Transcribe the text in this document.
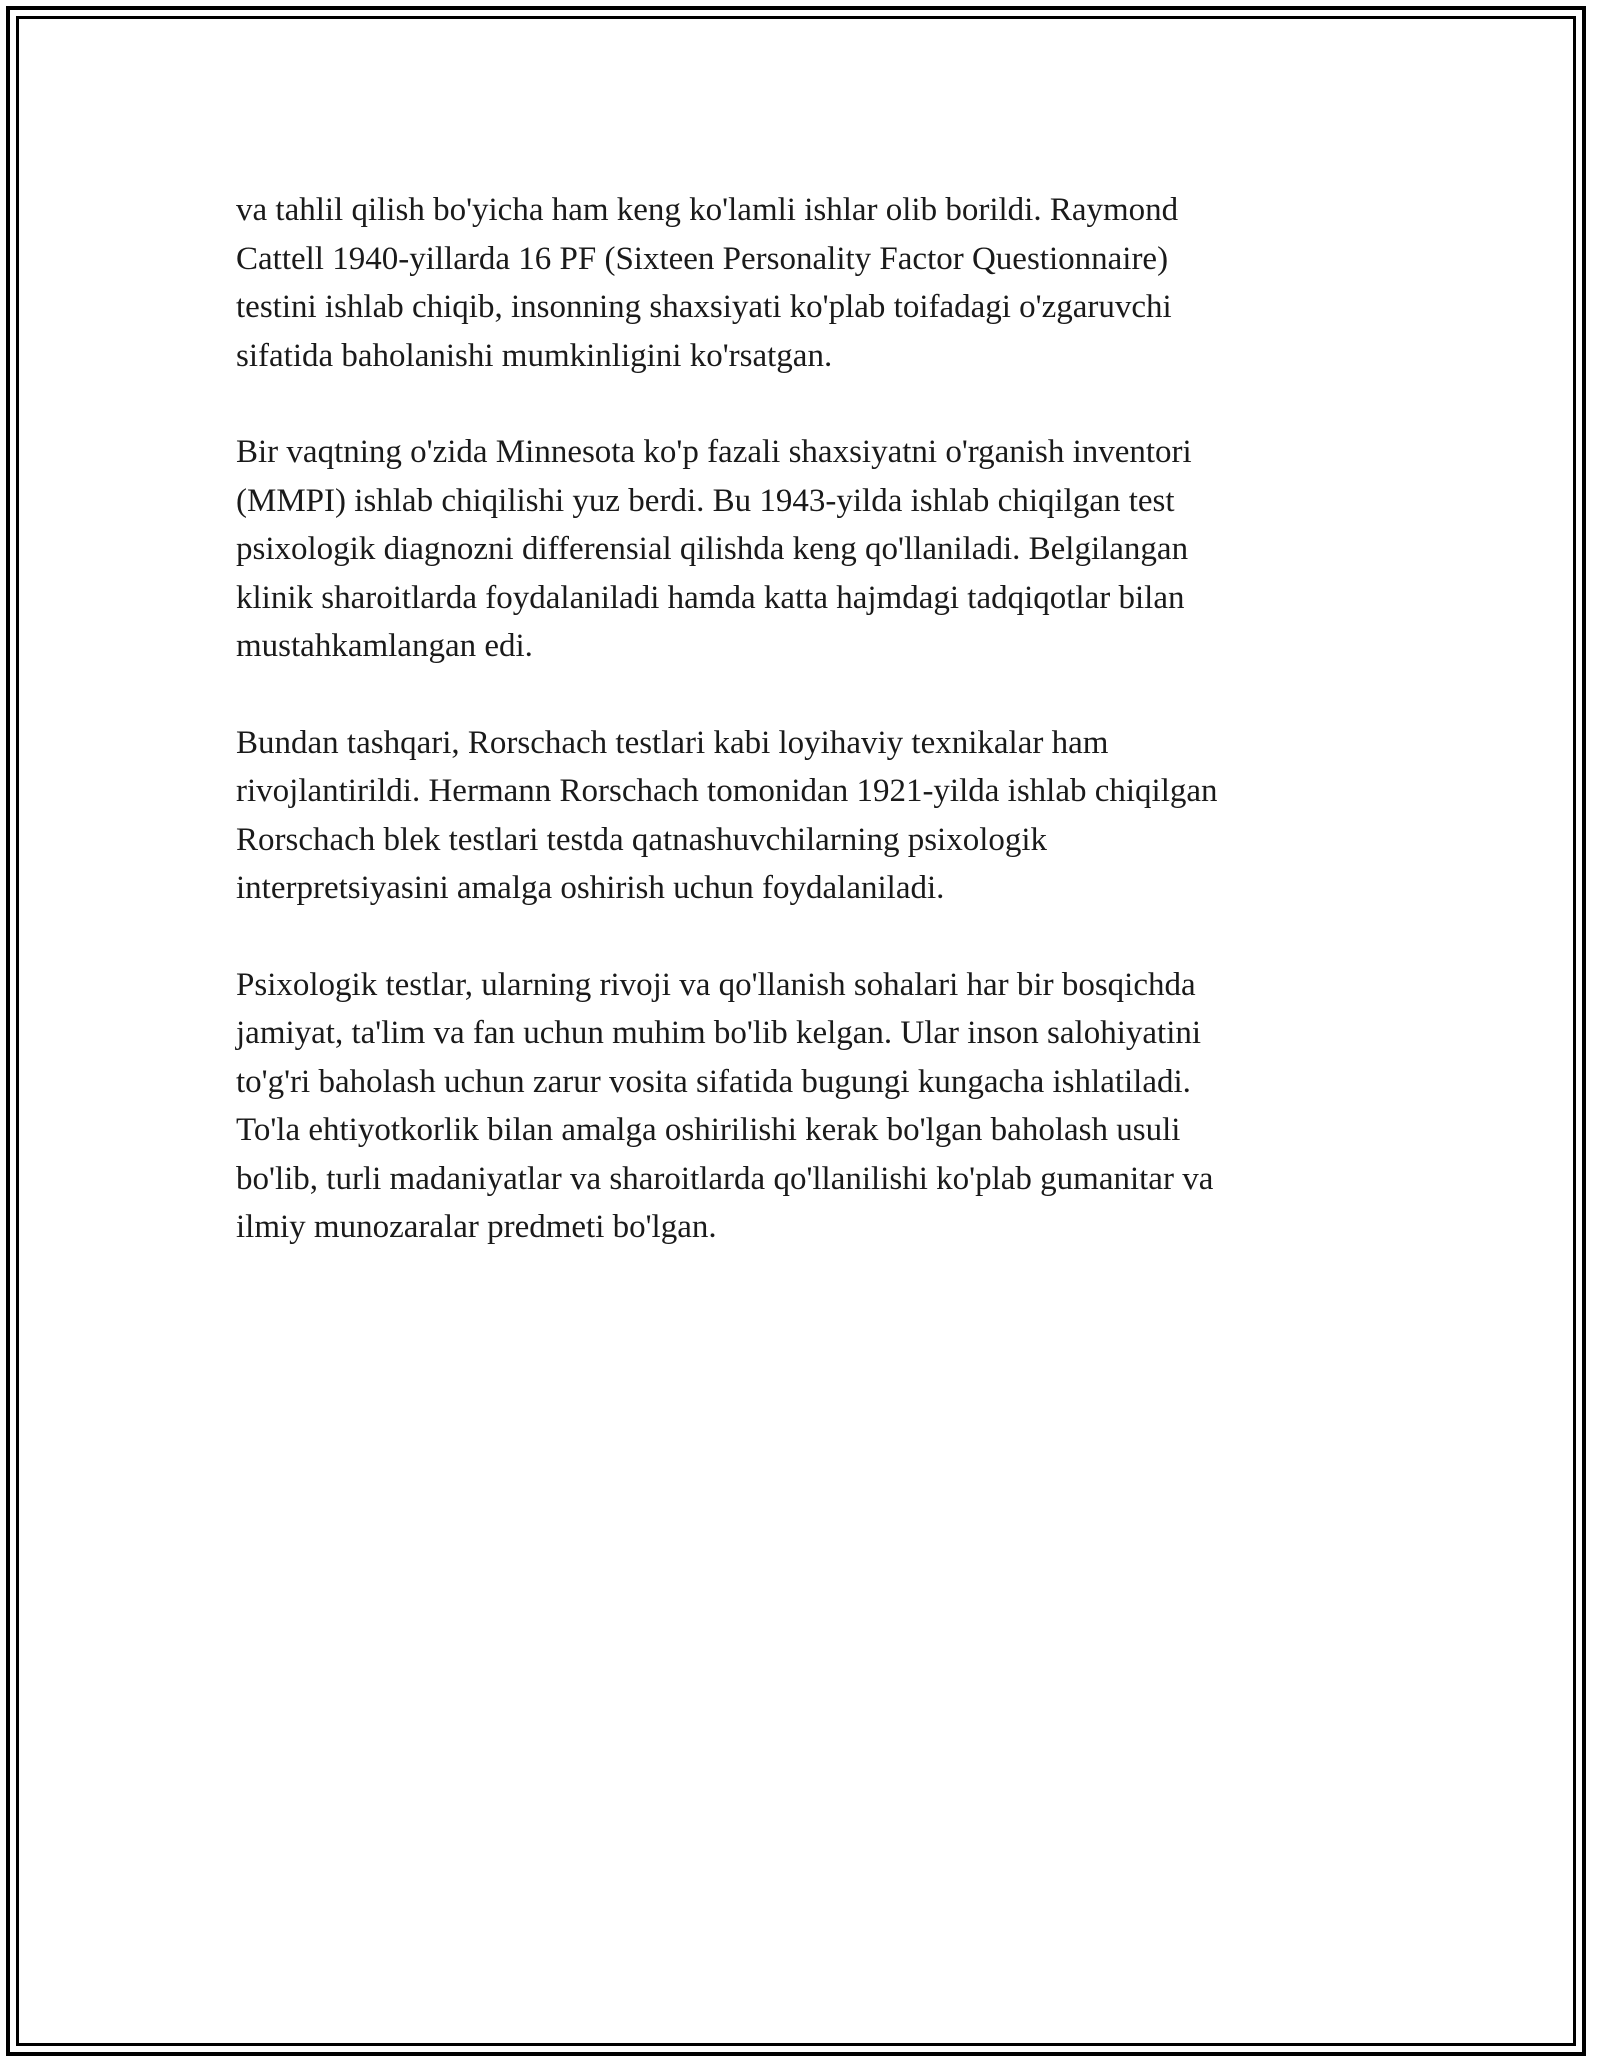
va tahlil qilish bo'yicha ham keng ko'lamli ishlar olib borildi. Raymond
Cattell 1940-yillarda 16 PF (Sixteen Personality Factor Questionnaire)
testini ishlab chiqib, insonning shaxsiyati ko'plab toifadagi o'zgaruvchi
sifatida baholanishi mumkinligini ko'rsatgan.

Bir vaqtning o'zida Minnesota ko'p fazali shaxsiyatni o'rganish inventori
(MMPI) ishlab chiqilishi yuz berdi. Bu 1943-yilda ishlab chiqilgan test
psixologik diagnozni differensial qilishda keng qo'llaniladi. Belgilangan
klinik sharoitlarda foydalaniladi hamda katta hajmdagi tadqiqotlar bilan
mustahkamlangan edi.

Bundan tashqari, Rorschach testlari kabi loyihaviy texnikalar ham
rivojlantirildi. Hermann Rorschach tomonidan 1921-yilda ishlab chiqilgan
Rorschach blek testlari testda qatnashuvchilarning psixologik
interpretsiyasini amalga oshirish uchun foydalaniladi.

Psixologik testlar, ularning rivoji va qo'llanish sohalari har bir bosqichda
jamiyat, ta'lim va fan uchun muhim bo'lib kelgan. Ular inson salohiyatini
to'g'ri baholash uchun zarur vosita sifatida bugungi kungacha ishlatiladi.
To'la ehtiyotkorlik bilan amalga oshirilishi kerak bo'lgan baholash usuli
bo'lib, turli madaniyatlar va sharoitlarda qo'llanilishi ko'plab gumanitar va
ilmiy munozaralar predmeti bo'lgan.
